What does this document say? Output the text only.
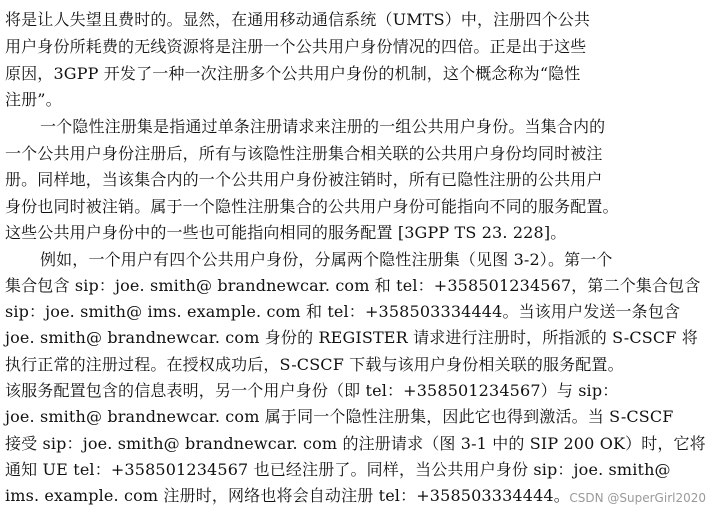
将是让人失望且费时的。显然，在通用移动通信系统（UMTS）中，注册四个公共
用户身份所耗费的无线资源将是注册一个公共用户身份情况的四倍。正是出于这些
原因，3GPP 开发了一种一次注册多个公共用户身份的机制，这个概念称为“隐性
注册”。
一个隐性注册集是指通过单条注册请求来注册的一组公共用户身份。当集合内的
一个公共用户身份注册后，所有与该隐性注册集合相关联的公共用户身份均同时被注
册。同样地，当该集合内的一个公共用户身份被注销时，所有已隐性注册的公共用户
身份也同时被注销。属于一个隐性注册集合的公共用户身份可能指向不同的服务配置。
这些公共用户身份中的一些也可能指向相同的服务配置 [3GPP TS 23. 228]。
例如，一个用户有四个公共用户身份，分属两个隐性注册集（见图 3-2）。第一个
集合包含 sip：joe. smith@ brandnewcar. com 和 tel：+358501234567，第二个集合包含
sip：joe. smith@ ims. example. com 和 tel：+358503334444。当该用户发送一条包含
joe. smith@ brandnewcar. com 身份的 REGISTER 请求进行注册时，所指派的 S-CSCF 将
执行正常的注册过程。在授权成功后，S-CSCF 下载与该用户身份相关联的服务配置。
该服务配置包含的信息表明，另一个用户身份（即 tel：+358501234567）与 sip：
joe. smith@ brandnewcar. com 属于同一个隐性注册集，因此它也得到激活。当 S-CSCF
接受 sip：joe. smith@ brandnewcar. com 的注册请求（图 3-1 中的 SIP 200 OK）时，它将
通知 UE tel：+358501234567 也已经注册了。同样，当公共用户身份 sip：joe. smith@
ims. example. com 注册时，网络也将会自动注册 tel：+358503334444。 CSDN @SuperGirl2020
